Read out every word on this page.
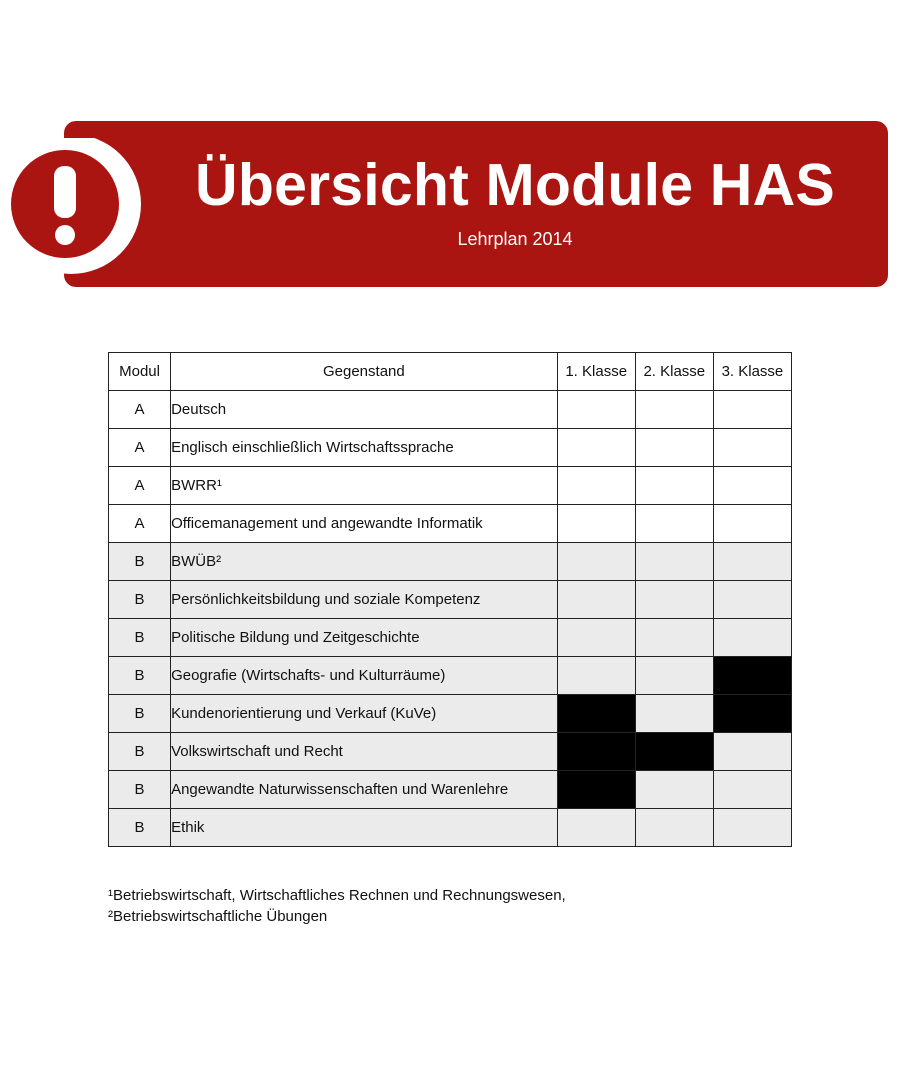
Übersicht Module HAS
Lehrplan 2014
Modul	Gegenstand	1. Klasse	2. Klasse	3. Klasse
A	Deutsch			
A	Englisch einschließlich Wirtschaftssprache			
A	BWRR¹			
A	Officemanagement und angewandte Informatik			
B	BWÜB²			
B	Persönlichkeitsbildung und soziale Kompetenz			
B	Politische Bildung und Zeitgeschichte			
B	Geografie (Wirtschafts- und Kulturräume)			
B	Kundenorientierung und Verkauf (KuVe)			
B	Volkswirtschaft und Recht			
B	Angewandte Naturwissenschaften und Warenlehre			
B	Ethik			
¹Betriebswirtschaft, Wirtschaftliches Rechnen und Rechnungswesen,
²Betriebswirtschaftliche Übungen
